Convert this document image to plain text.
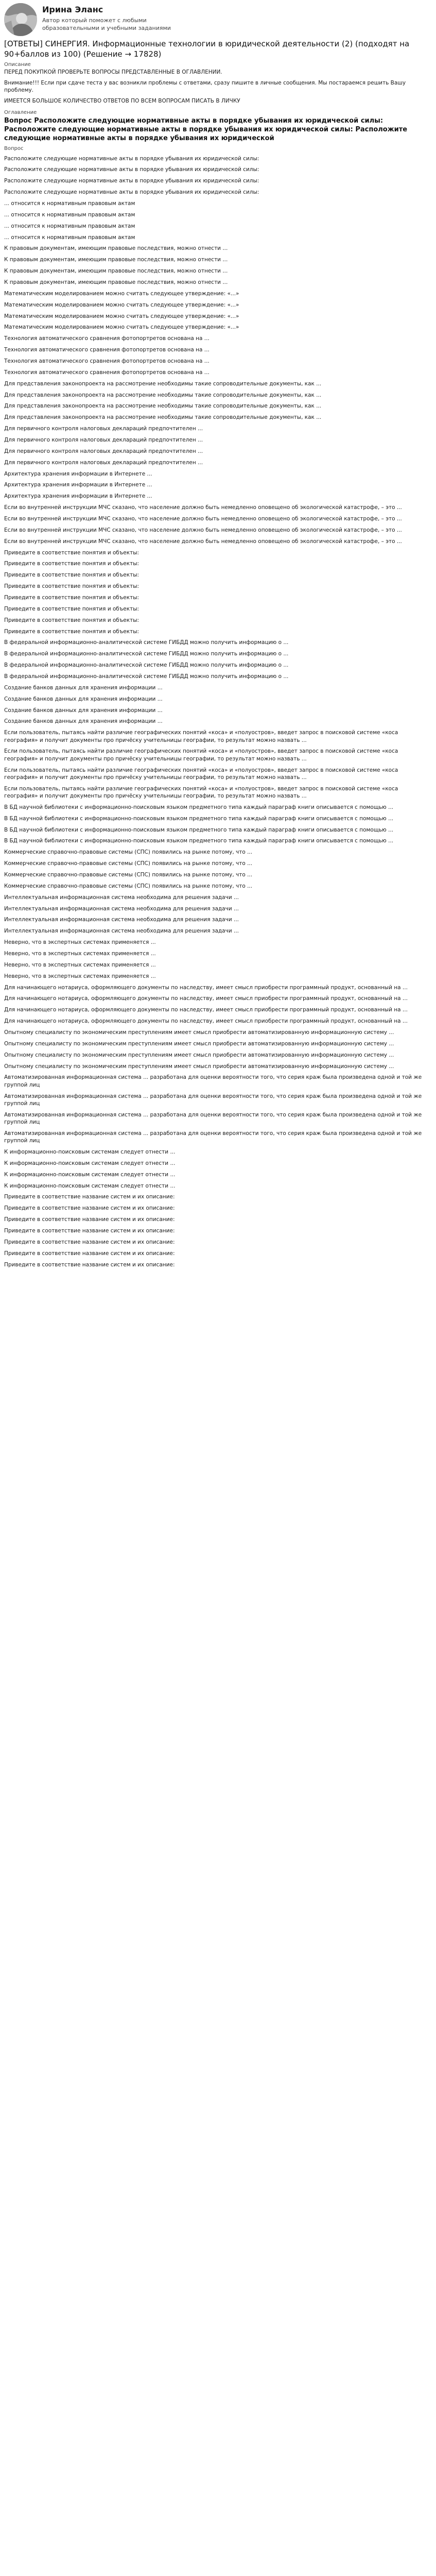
Ирина Эланс
Автор который поможет с любыми образовательными и учебными заданиями
[ОТВЕТЫ] СИНЕРГИЯ. Информационные технологии в юридической деятельности (2) (подходят на 90+баллов из 100) (Решение → 17828)
Описание
ПЕРЕД ПОКУПКОЙ ПРОВЕРЬТЕ ВОПРОСЫ ПРЕДСТАВЛЕННЫЕ В ОГЛАВЛЕНИИ.
Внимание!!! Если при сдаче теста у вас возникли проблемы с ответами, сразу пишите в личные сообщения. Мы постараемся решить Вашу проблему.
ИМЕЕТСЯ БОЛЬШОЕ КОЛИЧЕСТВО ОТВЕТОВ ПО ВСЕМ ВОПРОСАМ ПИСАТЬ В ЛИЧКУ
Оглавление
Вопрос Расположите следующие нормативные акты в порядке убывания их юридической силы: Расположите следующие нормативные акты в порядке убывания их юридической силы: Расположите следующие нормативные акты в порядке убывания их юридической
Вопрос
Расположите следующие нормативные акты в порядке убывания их юридической силы:
Расположите следующие нормативные акты в порядке убывания их юридической силы:
Расположите следующие нормативные акты в порядке убывания их юридической силы:
Расположите следующие нормативные акты в порядке убывания их юридической силы:
... относится к нормативным правовым актам
... относится к нормативным правовым актам
... относится к нормативным правовым актам
... относится к нормативным правовым актам
К правовым документам, имеющим правовые последствия, можно отнести ...
К правовым документам, имеющим правовые последствия, можно отнести ...
К правовым документам, имеющим правовые последствия, можно отнести ...
К правовым документам, имеющим правовые последствия, можно отнести ...
Математическим моделированием можно считать следующее утверждение: «...»
Математическим моделированием можно считать следующее утверждение: «...»
Математическим моделированием можно считать следующее утверждение: «...»
Математическим моделированием можно считать следующее утверждение: «...»
Технология автоматического сравнения фотопортретов основана на ...
Технология автоматического сравнения фотопортретов основана на ...
Технология автоматического сравнения фотопортретов основана на ...
Технология автоматического сравнения фотопортретов основана на ...
Для представления законопроекта на рассмотрение необходимы такие сопроводительные документы, как ...
Для представления законопроекта на рассмотрение необходимы такие сопроводительные документы, как ...
Для представления законопроекта на рассмотрение необходимы такие сопроводительные документы, как ...
Для представления законопроекта на рассмотрение необходимы такие сопроводительные документы, как ...
Для первичного контроля налоговых деклараций предпочтителен ...
Для первичного контроля налоговых деклараций предпочтителен ...
Для первичного контроля налоговых деклараций предпочтителен ...
Для первичного контроля налоговых деклараций предпочтителен ...
Архитектура хранения информации в Интернете ...
Архитектура хранения информации в Интернете ...
Архитектура хранения информации в Интернете ...
Если во внутренней инструкции МЧС сказано, что население должно быть немедленно оповещено об экологической катастрофе, – это ...
Если во внутренней инструкции МЧС сказано, что население должно быть немедленно оповещено об экологической катастрофе, – это ...
Если во внутренней инструкции МЧС сказано, что население должно быть немедленно оповещено об экологической катастрофе, – это ...
Если во внутренней инструкции МЧС сказано, что население должно быть немедленно оповещено об экологической катастрофе, – это ...
Приведите в соответствие понятия и объекты:
Приведите в соответствие понятия и объекты:
Приведите в соответствие понятия и объекты:
Приведите в соответствие понятия и объекты:
Приведите в соответствие понятия и объекты:
Приведите в соответствие понятия и объекты:
Приведите в соответствие понятия и объекты:
Приведите в соответствие понятия и объекты:
В федеральной информационно-аналитической системе ГИБДД можно получить информацию о ...
В федеральной информационно-аналитической системе ГИБДД можно получить информацию о ...
В федеральной информационно-аналитической системе ГИБДД можно получить информацию о ...
В федеральной информационно-аналитической системе ГИБДД можно получить информацию о ...
Создание банков данных для хранения информации ...
Создание банков данных для хранения информации ...
Создание банков данных для хранения информации ...
Создание банков данных для хранения информации ...
Если пользователь, пытаясь найти различие географических понятий «коса» и «полуостров», введет запрос в поисковой системе «коса география» и получит документы про причёску учительницы географии, то результат можно назвать ...
Если пользователь, пытаясь найти различие географических понятий «коса» и «полуостров», введет запрос в поисковой системе «коса география» и получит документы про причёску учительницы географии, то результат можно назвать ...
Если пользователь, пытаясь найти различие географических понятий «коса» и «полуостров», введет запрос в поисковой системе «коса география» и получит документы про причёску учительницы географии, то результат можно назвать ...
Если пользователь, пытаясь найти различие географических понятий «коса» и «полуостров», введет запрос в поисковой системе «коса география» и получит документы про причёску учительницы географии, то результат можно назвать ...
В БД научной библиотеки с информационно-поисковым языком предметного типа каждый параграф книги описывается с помощью ...
В БД научной библиотеки с информационно-поисковым языком предметного типа каждый параграф книги описывается с помощью ...
В БД научной библиотеки с информационно-поисковым языком предметного типа каждый параграф книги описывается с помощью ...
В БД научной библиотеки с информационно-поисковым языком предметного типа каждый параграф книги описывается с помощью ...
Коммерческие справочно-правовые системы (СПС) появились на рынке потому, что ...
Коммерческие справочно-правовые системы (СПС) появились на рынке потому, что ...
Коммерческие справочно-правовые системы (СПС) появились на рынке потому, что ...
Коммерческие справочно-правовые системы (СПС) появились на рынке потому, что ...
Интеллектуальная информационная система необходима для решения задачи ...
Интеллектуальная информационная система необходима для решения задачи ...
Интеллектуальная информационная система необходима для решения задачи ...
Интеллектуальная информационная система необходима для решения задачи ...
Неверно, что в экспертных системах применяется ...
Неверно, что в экспертных системах применяется ...
Неверно, что в экспертных системах применяется ...
Неверно, что в экспертных системах применяется ...
Для начинающего нотариуса, оформляющего документы по наследству, имеет смысл приобрести программный продукт, основанный на ...
Для начинающего нотариуса, оформляющего документы по наследству, имеет смысл приобрести программный продукт, основанный на ...
Для начинающего нотариуса, оформляющего документы по наследству, имеет смысл приобрести программный продукт, основанный на ...
Для начинающего нотариуса, оформляющего документы по наследству, имеет смысл приобрести программный продукт, основанный на ...
Опытному специалисту по экономическим преступлениям имеет смысл приобрести автоматизированную информационную систему ...
Опытному специалисту по экономическим преступлениям имеет смысл приобрести автоматизированную информационную систему ...
Опытному специалисту по экономическим преступлениям имеет смысл приобрести автоматизированную информационную систему ...
Опытному специалисту по экономическим преступлениям имеет смысл приобрести автоматизированную информационную систему ...
Автоматизированная информационная система ... разработана для оценки вероятности того, что серия краж была произведена одной и той же группой лиц
Автоматизированная информационная система ... разработана для оценки вероятности того, что серия краж была произведена одной и той же группой лиц
Автоматизированная информационная система ... разработана для оценки вероятности того, что серия краж была произведена одной и той же группой лиц
Автоматизированная информационная система ... разработана для оценки вероятности того, что серия краж была произведена одной и той же группой лиц
К информационно-поисковым системам следует отнести ...
К информационно-поисковым системам следует отнести ...
К информационно-поисковым системам следует отнести ...
К информационно-поисковым системам следует отнести ...
Приведите в соответствие название систем и их описание:
Приведите в соответствие название систем и их описание:
Приведите в соответствие название систем и их описание:
Приведите в соответствие название систем и их описание:
Приведите в соответствие название систем и их описание:
Приведите в соответствие название систем и их описание:
Приведите в соответствие название систем и их описание:
